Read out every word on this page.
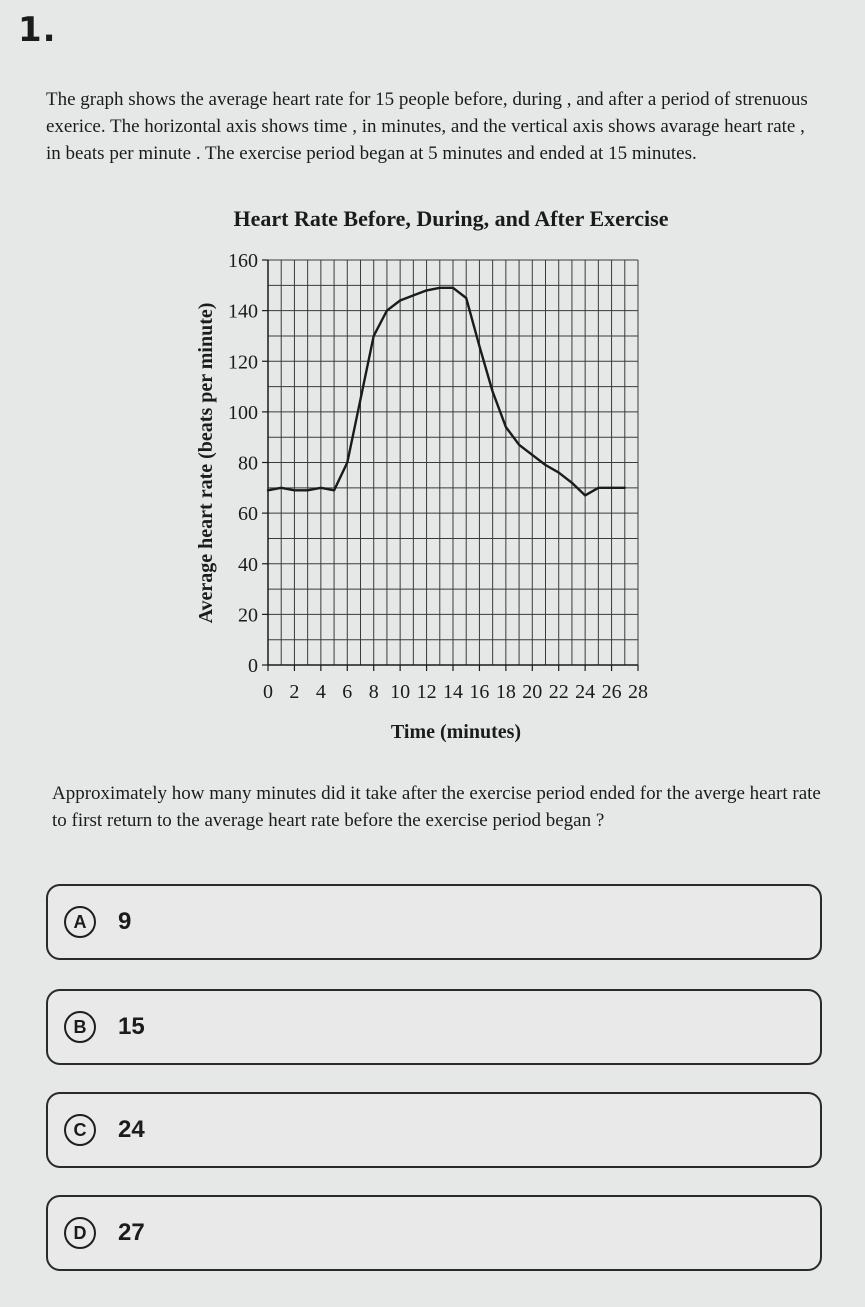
1.
The graph shows the average heart rate for 15 people before, during , and after a period of strenuous exerice. The horizontal axis shows time , in minutes, and the vertical axis shows avarage heart rate , in beats per minute . The exercise period began at 5 minutes and ended at 15 minutes.
Heart Rate Before, During, and After Exercise
0
20
40
60
80
100
120
140
160
0 2 4 6 8 10 12 14 16 18 20 22 24 26 28
Time (minutes)
Average heart rate (beats per minute)
Approximately how many minutes did it take after the exercise period ended for the averge heart rate to first return to the average heart rate before the exercise period began ?
A	9
B	15
C	24
D	27
